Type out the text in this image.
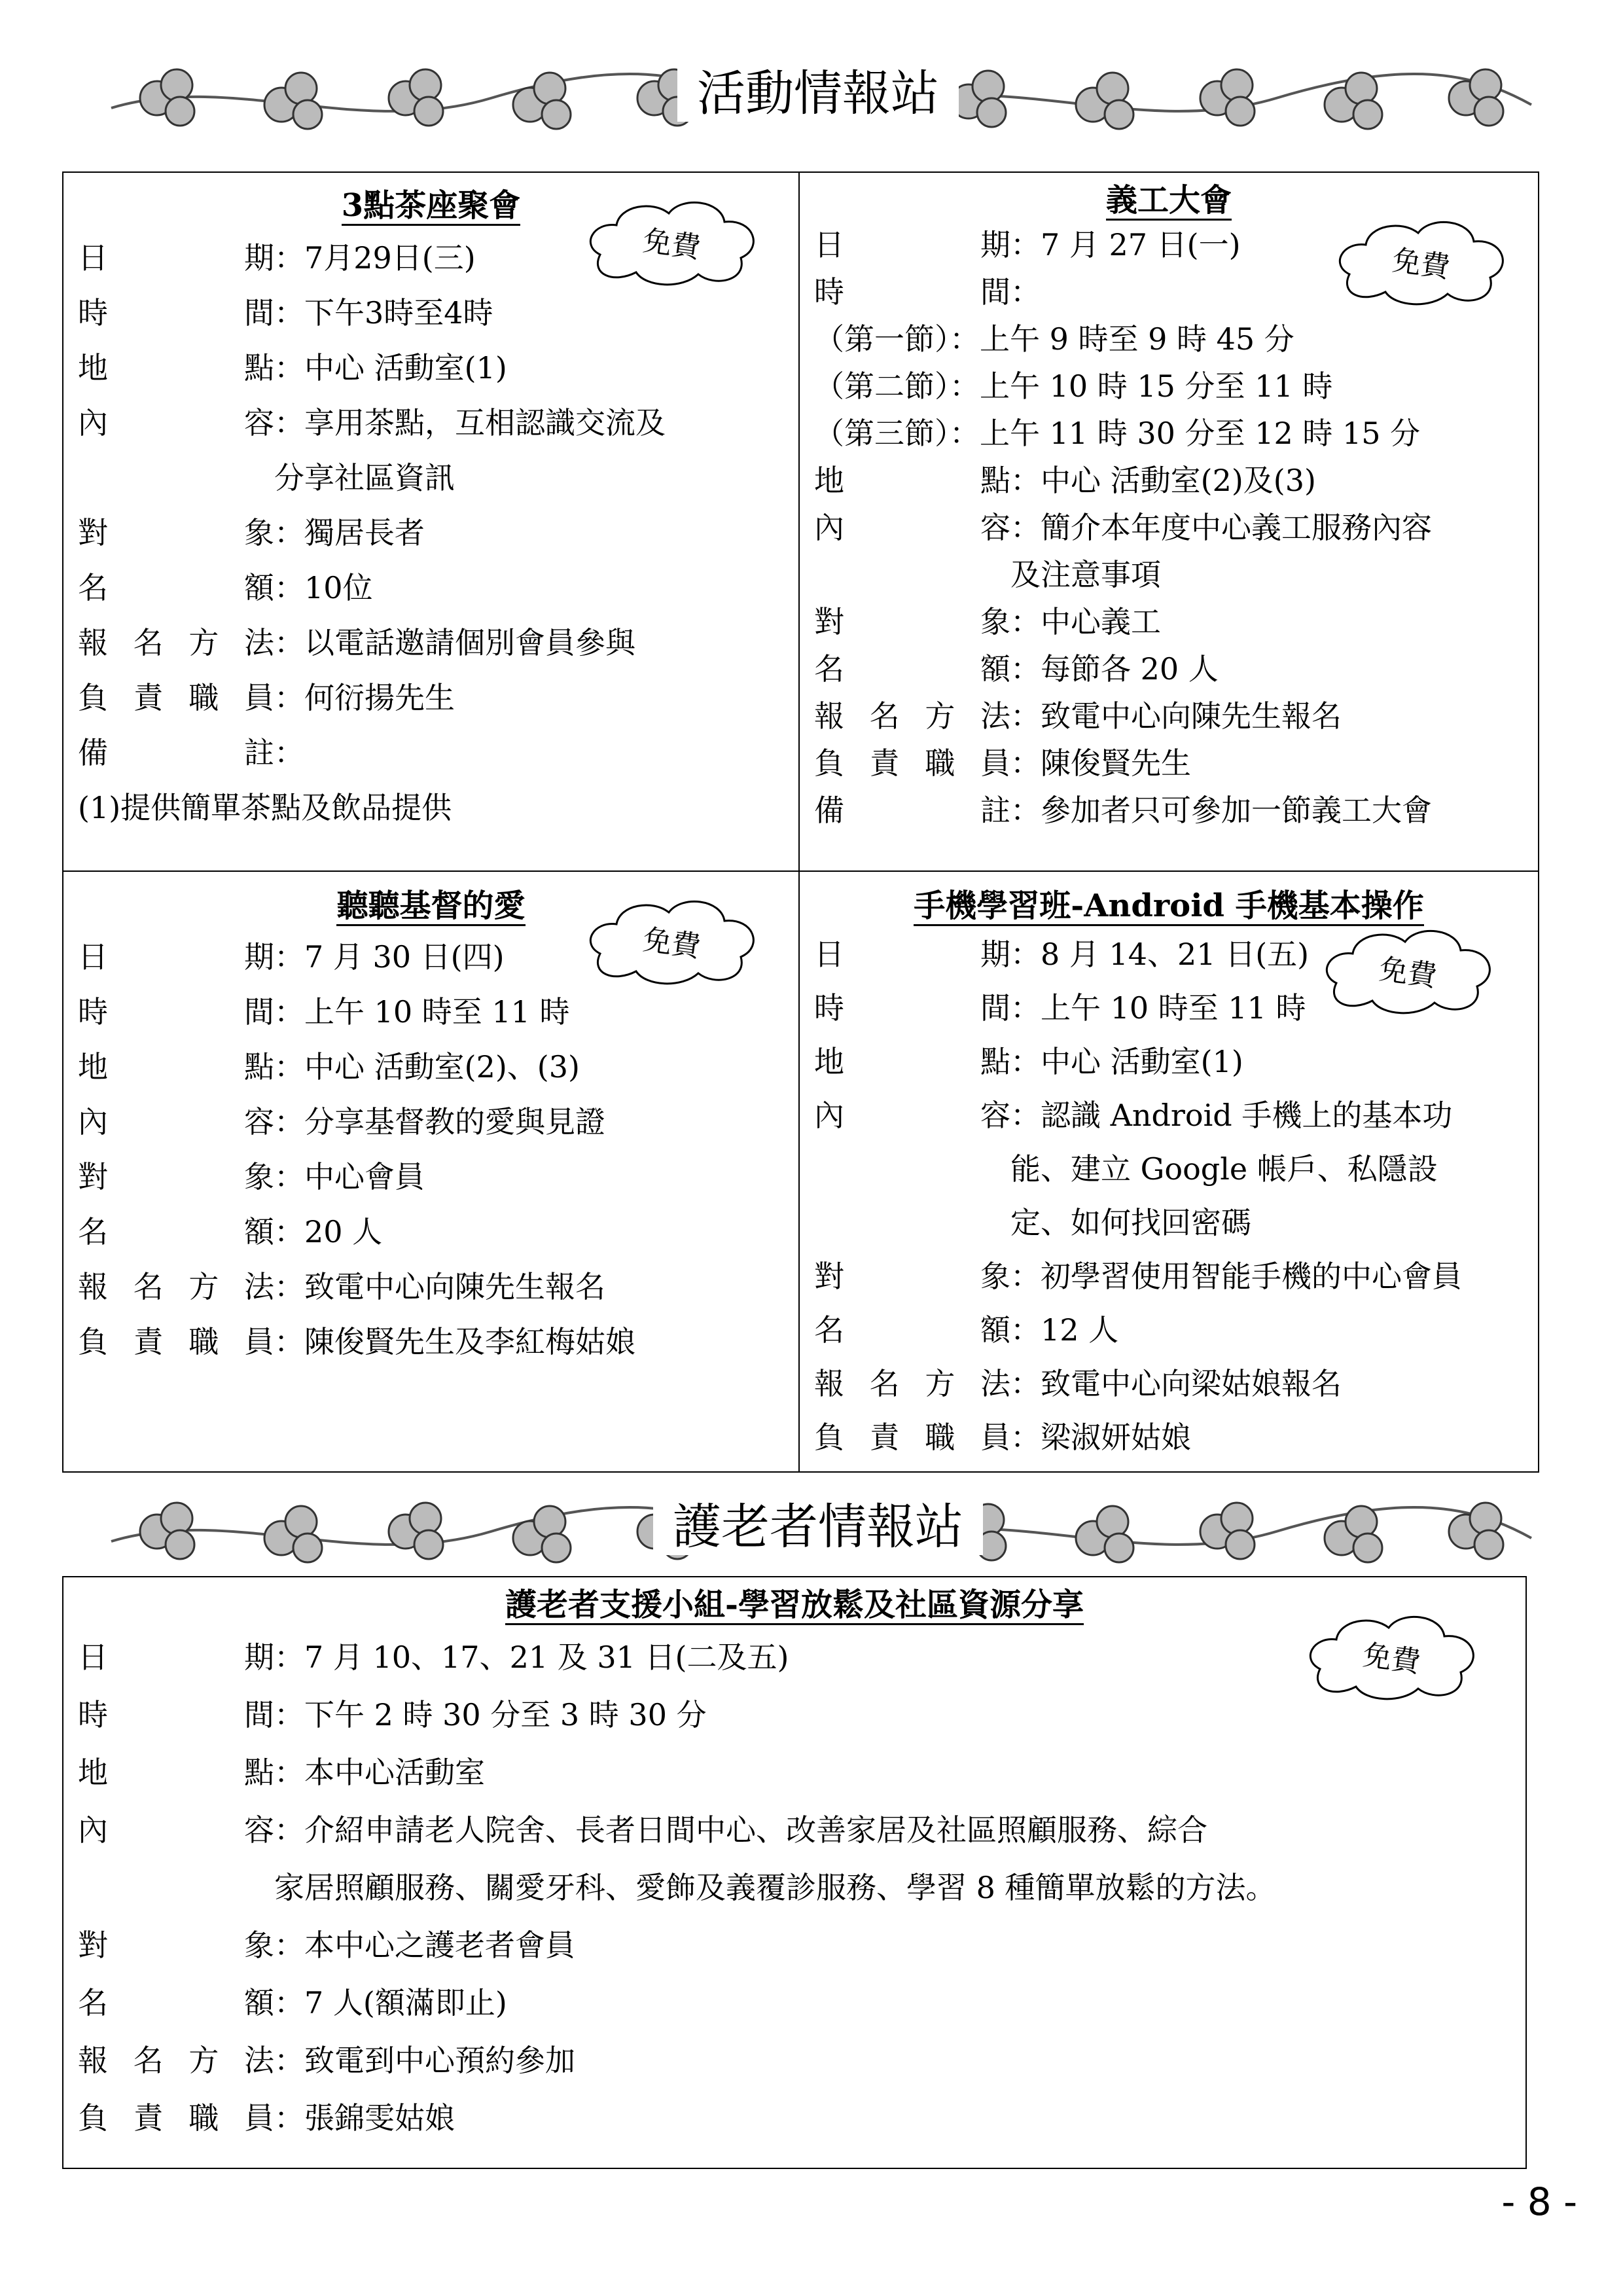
活動情報站
3點茶座聚會
日　期：7月29日(三)
時　間：下午3時至4時
地　點：中心 活動室(1)
內　容：享用茶點，互相認識交流及
分享社區資訊
對　象：獨居長者
名　額：10位
報名方法：以電話邀請個別會員參與
負責職員：何衍揚先生
備　註：
(1)提供簡單茶點及飲品提供
免費
義工大會
日　期：7 月 27 日(一)
時　間：
（第一節）：上午 9 時至 9 時 45 分
（第二節）：上午 10 時 15 分至 11 時
（第三節）：上午 11 時 30 分至 12 時 15 分
地　點：中心 活動室(2)及(3)
內　容：簡介本年度中心義工服務內容
及注意事項
對　象：中心義工
名　額：每節各 20 人
報名方法：致電中心向陳先生報名
負責職員：陳俊賢先生
備　註：參加者只可參加一節義工大會
免費
聽聽基督的愛
日　期：7 月 30 日(四)
時　間：上午 10 時至 11 時
地　點：中心 活動室(2)、(3)
內　容：分享基督教的愛與見證
對　象：中心會員
名　額：20 人
報名方法：致電中心向陳先生報名
負責職員：陳俊賢先生及李紅梅姑娘
免費
手機學習班-Android 手機基本操作
日　期：8 月 14、21 日(五)
時　間：上午 10 時至 11 時
地　點：中心 活動室(1)
內　容：認識 Android 手機上的基本功
能、建立 Google 帳戶、私隱設
定、如何找回密碼
對　象：初學習使用智能手機的中心會員
名　額：12 人
報名方法：致電中心向梁姑娘報名
負責職員：梁淑妍姑娘
免費
護老者情報站
護老者支援小組-學習放鬆及社區資源分享
日　期：7 月 10、17、21 及 31 日(二及五)
時　間：下午 2 時 30 分至 3 時 30 分
地　點：本中心活動室
內　容：介紹申請老人院舍、長者日間中心、改善家居及社區照顧服務、綜合
家居照顧服務、關愛牙科、愛飾及義覆診服務、學習 8 種簡單放鬆的方法。
對　象：本中心之護老者會員
名　額：7 人(額滿即止)
報名方法：致電到中心預約參加
負責職員：張錦雯姑娘
免費
- 8 -
